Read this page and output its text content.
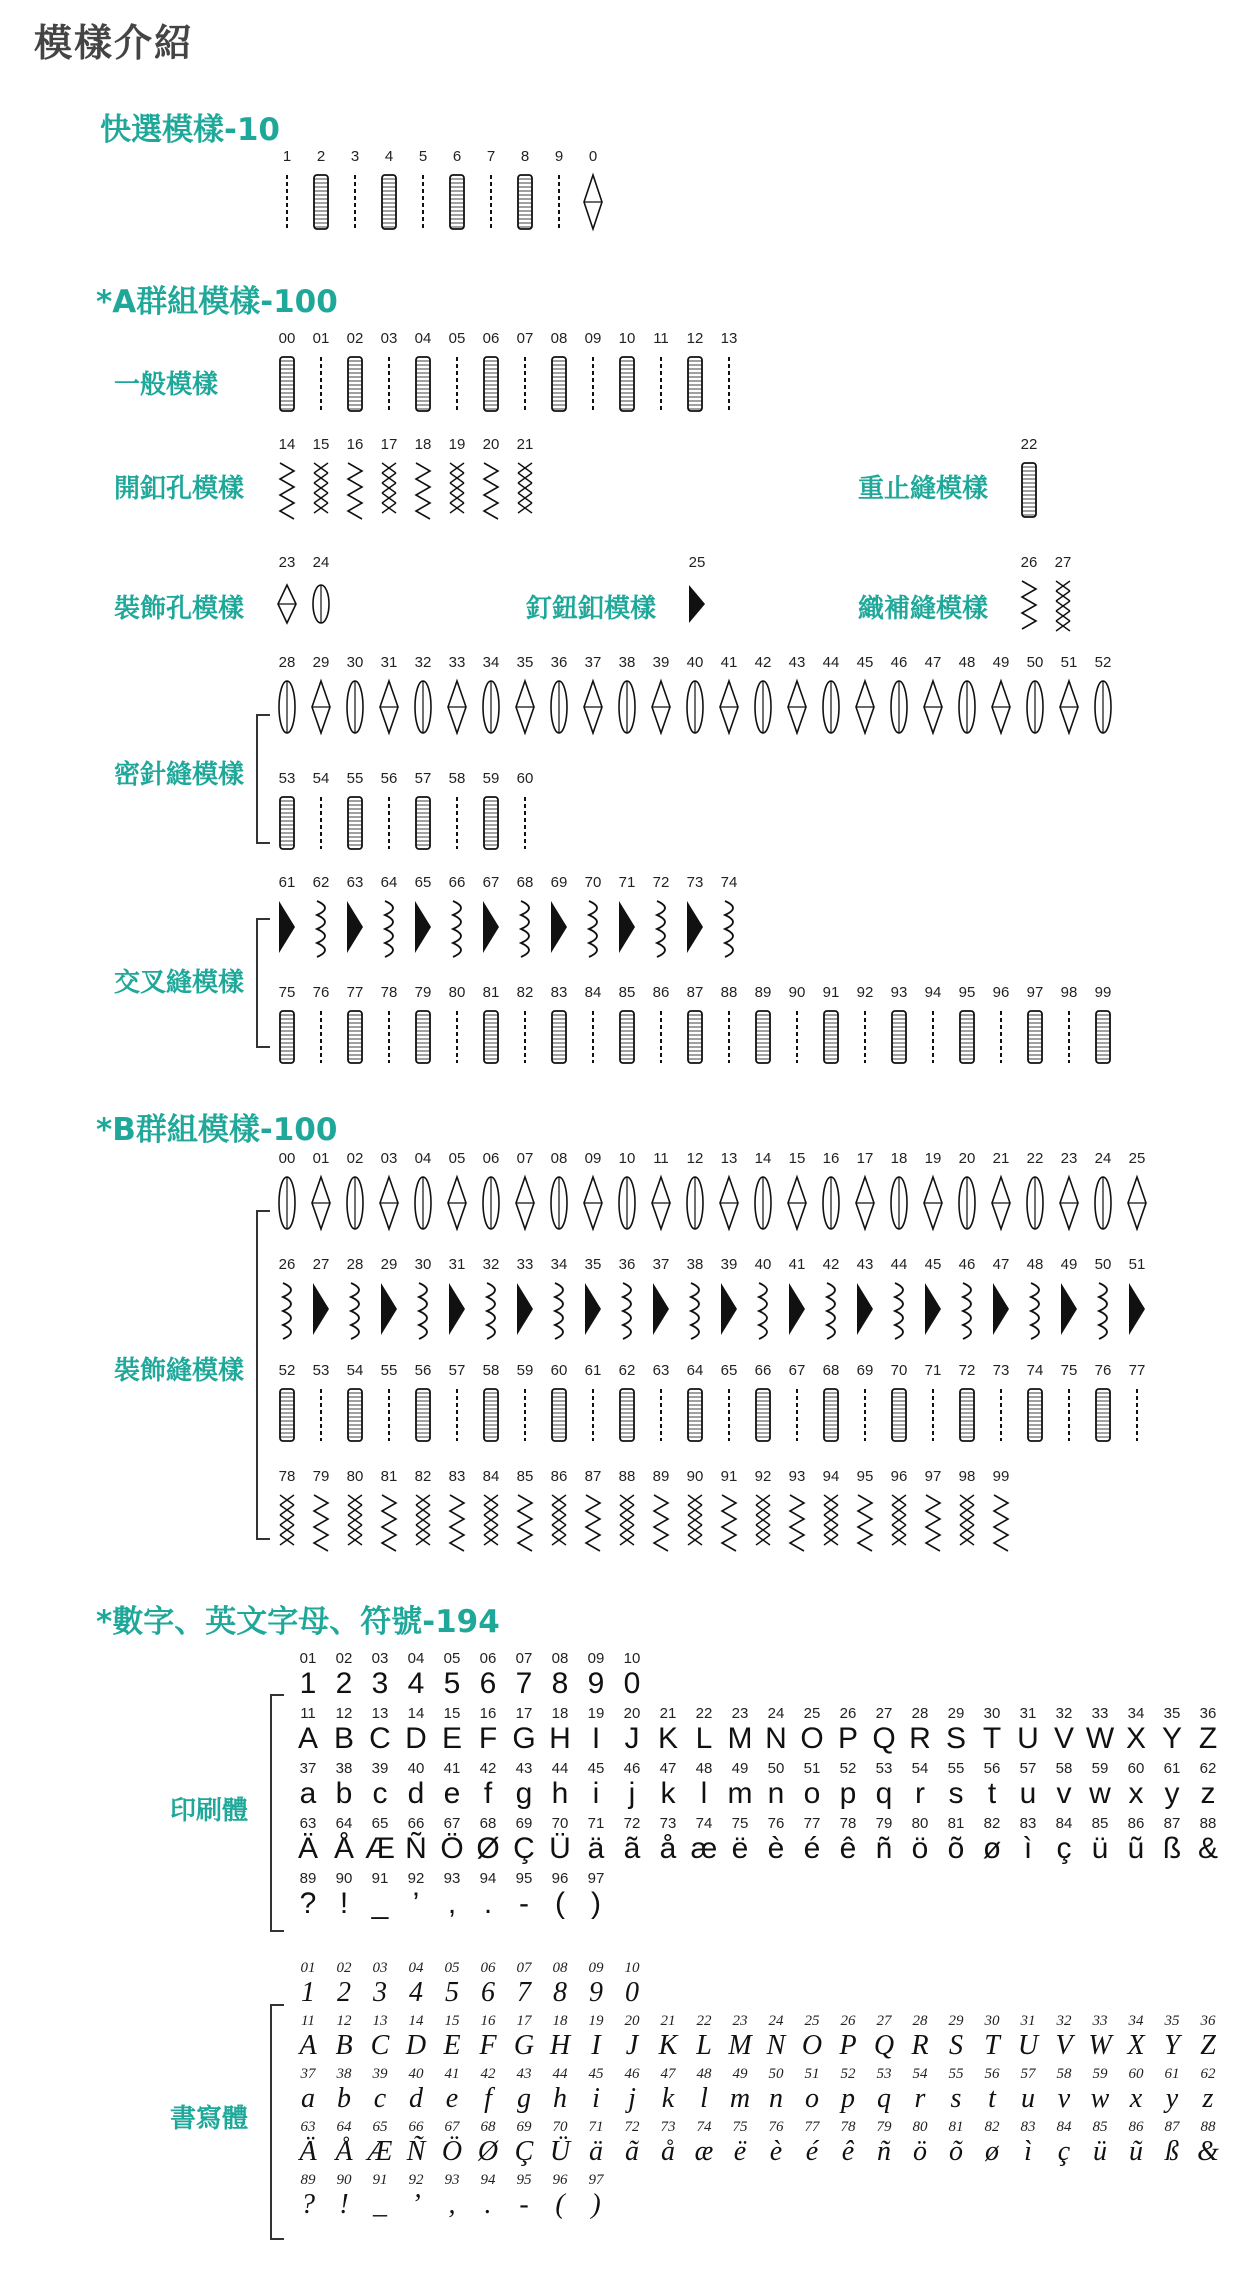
模樣介紹
快選模樣-10
*A群組模樣-100
*B群組模樣-100
*數字、英文字母、符號-194
一般模樣
開釦孔模樣	重止縫模樣
裝飾孔模樣	釘鈕釦模樣	織補縫模樣
密針縫模樣
交叉縫模樣
裝飾縫模樣
印刷體
書寫體
1	2	3	4	5	6	7	8	9	0
00	01	02	03	04	05	06	07	08	09	10	11	12	13
14	15	16	17	18	19	20	21	22
23	24	25	26	27
28	29	30	31	32	33	34	35	36	37	38	39	40	41	42	43	44	45	46	47	48	49	50	51	52
53	54	55	56	57	58	59	60
61	62	63	64	65	66	67	68	69	70	71	72	73	74
75	76	77	78	79	80	81	82	83	84	85	86	87	88	89	90	91	92	93	94	95	96	97	98	99
00	01	02	03	04	05	06	07	08	09	10	11	12	13	14	15	16	17	18	19	20	21	22	23	24	25
26	27	28	29	30	31	32	33	34	35	36	37	38	39	40	41	42	43	44	45	46	47	48	49	50	51
52	53	54	55	56	57	58	59	60	61	62	63	64	65	66	67	68	69	70	71	72	73	74	75	76	77
78	79	80	81	82	83	84	85	86	87	88	89	90	91	92	93	94	95	96	97	98	99
01	02	03	04	05	06	07	08	09	10
1 2 3 4 5 6 7 8 9 0
11	12	13	14	15	16	17	18	19	20	21	22	23	24	25	26	27	28	29	30	31	32	33	34	35	36
A B C D E F G H I J K L M N O P Q R S T U V W X Y Z
37	38	39	40	41	42	43	44	45	46	47	48	49	50	51	52	53	54	55	56	57	58	59	60	61	62
a b c d e f g h i j k l m n o p q r s t u v w x y z
63	64	65	66	67	68	69	70	71	72	73	74	75	76	77	78	79	80	81	82	83	84	85	86	87	88
Ä Å Æ Ñ Ö Ø Ç Ü ä ã å æ ë è é ê ñ ö õ ø ì ç ü ũ ß &
89	90	91	92	93	94	95	96	97
? ! _ ’ , . - ( )
01	02	03	04	05	06	07	08	09	10
1 2 3 4 5 6 7 8 9 0
11	12	13	14	15	16	17	18	19	20	21	22	23	24	25	26	27	28	29	30	31	32	33	34	35	36
A B C D E F G H I J K L M N O P Q R S T U V W X Y Z
37	38	39	40	41	42	43	44	45	46	47	48	49	50	51	52	53	54	55	56	57	58	59	60	61	62
a b c d e f g h i	j k l m n o p q r s t u v w x y z
63	64	65	66	67	68	69	70	71	72	73	74	75	76	77	78	79	80	81	82	83	84	85	86	87	88
Ä Å Æ Ñ Ö Ø Ç Ü ä ã å æ ë è é ê ñ ö õ ø ì ç ü ũ ß &
89	90	91	92	93	94	95	96	97
? ! _ ’ ,	. - ( )
